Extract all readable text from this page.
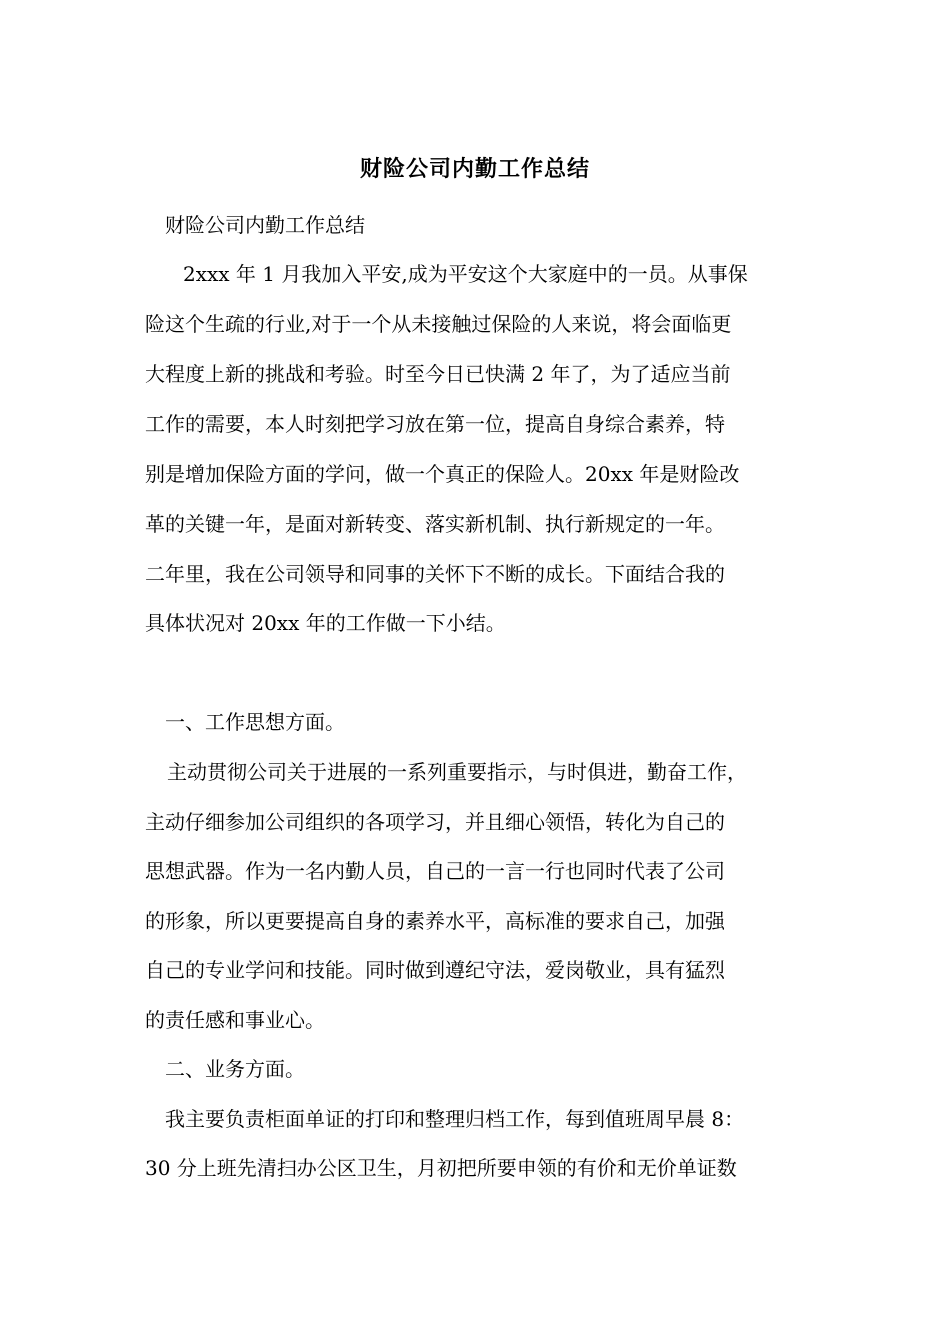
财险公司内勤工作总结
财险公司内勤工作总结
2xxx 年 1 月我加入平安,成为平安这个大家庭中的一员。从事保
险这个生疏的行业,对于一个从未接触过保险的人来说，将会面临更
大程度上新的挑战和考验。时至今日已快满 2 年了，为了适应当前
工作的需要，本人时刻把学习放在第一位，提高自身综合素养，特
别是增加保险方面的学问，做一个真正的保险人。20xx 年是财险改
革的关键一年，是面对新转变、落实新机制、执行新规定的一年。
二年里，我在公司领导和同事的关怀下不断的成长。下面结合我的
具体状况对 20xx 年的工作做一下小结。
一、工作思想方面。
主动贯彻公司关于进展的一系列重要指示，与时俱进，勤奋工作，
主动仔细参加公司组织的各项学习，并且细心领悟，转化为自己的
思想武器。作为一名内勤人员，自己的一言一行也同时代表了公司
的形象，所以更要提高自身的素养水平，高标准的要求自己，加强
自己的专业学问和技能。同时做到遵纪守法，爱岗敬业，具有猛烈
的责任感和事业心。
二、业务方面。
我主要负责柜面单证的打印和整理归档工作，每到值班周早晨 8：
30 分上班先清扫办公区卫生，月初把所要申领的有价和无价单证数
